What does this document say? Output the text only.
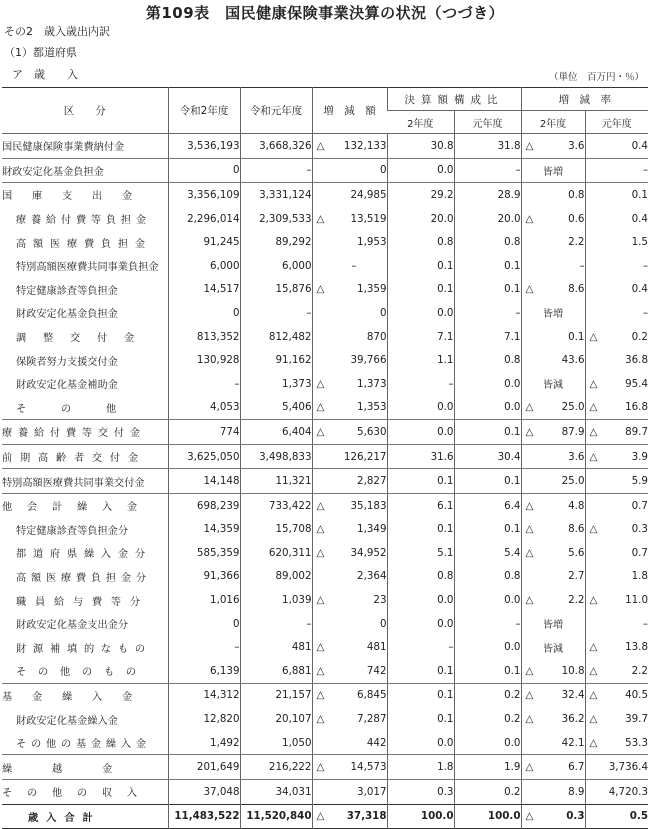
第109表　国民健康保険事業決算の状況（つづき）
その2　歳入歳出内訳
（1）都道府県
ア　歳　　入	（単位　百万円・％）
区　　分	令和2年度	令和元年度	増　減　額	決算額構成比		増　減　率	
				2年度	元年度	2年度	元年度
国民健康保険事業費納付金	3,536,193	3,668,326	△ 132,133	30.8	31.8	△ 3.6	0.4
財政安定化基金負担金	0	–	0	0.0	–	皆増	–
国庫支出金	3,356,109	3,331,124	24,985	29.2	28.9	0.8	0.1
療養給付費等負担金	2,296,014	2,309,533	△ 13,519	20.0	20.0	△ 0.6	0.4
高額医療費負担金	91,245	89,292	1,953	0.8	0.8	2.2	1.5
特別高額医療費共同事業負担金	6,000	6,000	–	0.1	0.1	–	–
特定健康診査等負担金	14,517	15,876	△ 1,359	0.1	0.1	△ 8.6	0.4
財政安定化基金負担金	0	–	0	0.0	–	皆増	–
調整交付金	813,352	812,482	870	7.1	7.1	0.1	△ 0.2
保険者努力支援交付金	130,928	91,162	39,766	1.1	0.8	43.6	36.8
財政安定化基金補助金	–	1,373	△ 1,373	–	0.0	皆減	△ 95.4
その他	4,053	5,406	△ 1,353	0.0	0.0	△ 25.0	△ 16.8
療養給付費等交付金	774	6,404	△ 5,630	0.0	0.1	△ 87.9	△ 89.7
前期高齢者交付金	3,625,050	3,498,833	126,217	31.6	30.4	3.6	△ 3.9
特別高額医療費共同事業交付金	14,148	11,321	2,827	0.1	0.1	25.0	5.9
他会計繰入金	698,239	733,422	△ 35,183	6.1	6.4	△ 4.8	0.7
特定健康診査等負担金分	14,359	15,708	△ 1,349	0.1	0.1	△ 8.6	△ 0.3
都道府県繰入金分	585,359	620,311	△ 34,952	5.1	5.4	△ 5.6	0.7
高額医療費負担金分	91,366	89,002	2,364	0.8	0.8	2.7	1.8
職員給与費等分	1,016	1,039	△ 23	0.0	0.0	△ 2.2	△ 11.0
財政安定化基金支出金分	0	–	0	0.0	–	皆増	–
財源補填的なもの	–	481	△ 481	–	0.0	皆減	△ 13.8
その他のもの	6,139	6,881	△ 742	0.1	0.1	△ 10.8	△ 2.2
基金繰入金	14,312	21,157	△ 6,845	0.1	0.2	△ 32.4	△ 40.5
財政安定化基金繰入金	12,820	20,107	△ 7,287	0.1	0.2	△ 36.2	△ 39.7
その他の基金繰入金	1,492	1,050	442	0.0	0.0	42.1	△ 53.3
繰越金	201,649	216,222	△ 14,573	1.8	1.9	△ 6.7	3,736.4
その他の収入	37,048	34,031	3,017	0.3	0.2	8.9	4,720.3
歳入合計	11,483,522	11,520,840	△ 37,318	100.0	100.0	△ 0.3	0.5
